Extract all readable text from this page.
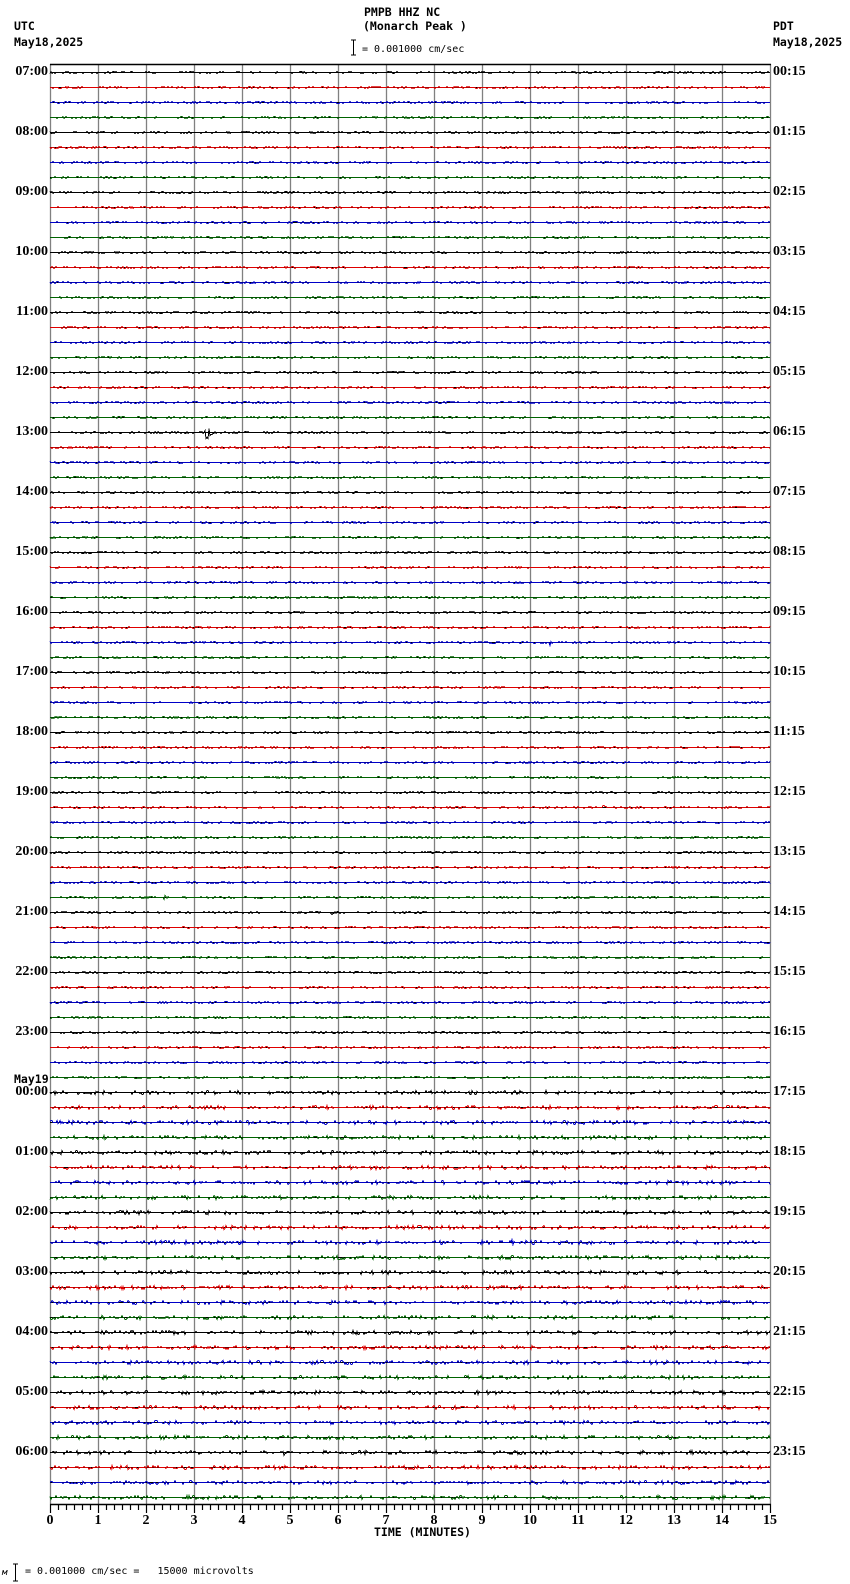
PMPB HHZ NC
(Monarch Peak )
= 0.001000 cm/sec
UTC
May18,2025
PDT
May18,2025
07:00
08:00
09:00
10:00
11:00
12:00
13:00
14:00
15:00
16:00
17:00
18:00
19:00
20:00
21:00
22:00
23:00
00:00
01:00
02:00
03:00
04:00
05:00
06:00
00:15
01:15
02:15
03:15
04:15
05:15
06:15
07:15
08:15
09:15
10:15
11:15
12:15
13:15
14:15
15:15
16:15
17:15
18:15
19:15
20:15
21:15
22:15
23:15
May19
0	1	2	3	4	5	6	7	8	9	10	11	12	13	14	15
TIME (MINUTES)
м = 0.001000 cm/sec =   15000 microvolts
